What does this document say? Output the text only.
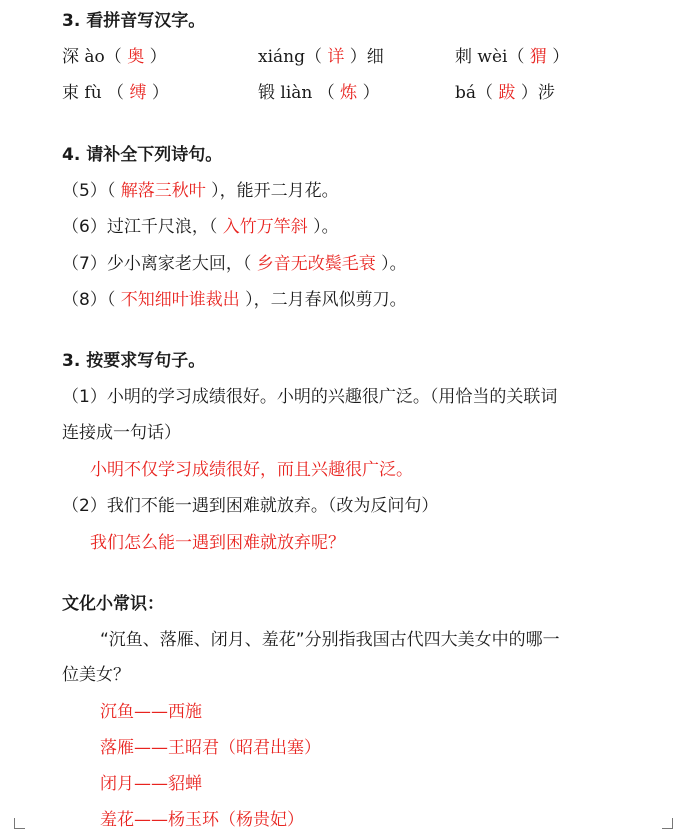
3. 看拼音写汉字。
深 ào（ 奥 ）	xiáng（ 详 ）细	刺 wèi（ 猬 ）
束 fù （ 缚 ）	锻 liàn （ 炼 ）	bá（ 跋 ）涉
4. 请补全下列诗句。
（5）（ 解落三秋叶 ），能开二月花。
（6）过江千尺浪，（ 入竹万竿斜 ）。
（7）少小离家老大回，（ 乡音无改鬓毛衰 ）。
（8）（ 不知细叶谁裁出 ），二月春风似剪刀。
3. 按要求写句子。
（1）小明的学习成绩很好。小明的兴趣很广泛。（用恰当的关联词
连接成一句话）
小明不仅学习成绩很好，而且兴趣很广泛。
（2）我们不能一遇到困难就放弃。（改为反问句）
我们怎么能一遇到困难就放弃呢？
文化小常识：
“沉鱼、落雁、闭月、羞花”分别指我国古代四大美女中的哪一
位美女？
沉鱼——西施
落雁——王昭君（昭君出塞）
闭月——貂蝉
羞花——杨玉环（杨贵妃）
